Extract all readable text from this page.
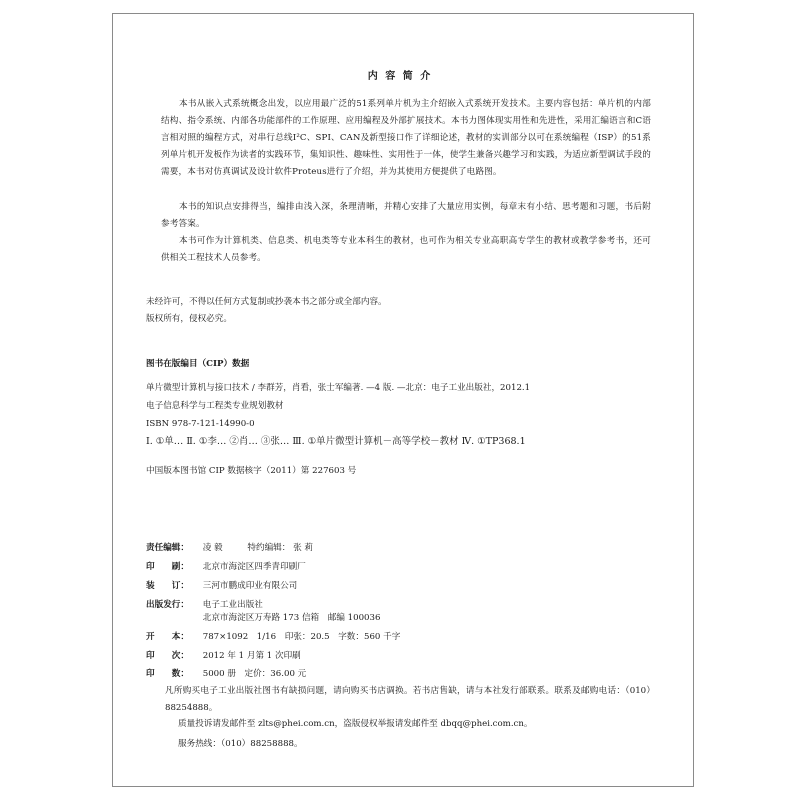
内 容 简 介
本书从嵌入式系统概念出发，以应用最广泛的51系列单片机为主介绍嵌入式系统开发技术。主要内容包括：单片机的内部结构、指令系统、内部各功能部件的工作原理、应用编程及外部扩展技术。本书力图体现实用性和先进性，采用汇编语言和C语言相对照的编程方式，对串行总线I²C、SPI、CAN及新型接口作了详细论述，教材的实训部分以可在系统编程（ISP）的51系列单片机开发板作为读者的实践环节，集知识性、趣味性、实用性于一体，使学生兼备兴趣学习和实践，为适应新型调试手段的需要，本书对仿真调试及设计软件Proteus进行了介绍，并为其使用方便提供了电路图。
本书的知识点安排得当，编排由浅入深，条理清晰，并精心安排了大量应用实例，每章末有小结、思考题和习题，书后附参考答案。
本书可作为计算机类、信息类、机电类等专业本科生的教材，也可作为相关专业高职高专学生的教材或教学参考书，还可供相关工程技术人员参考。
未经许可，不得以任何方式复制或抄袭本书之部分或全部内容。
版权所有，侵权必究。
图书在版编目（CIP）数据
单片微型计算机与接口技术 / 李群芳，肖看，张士军编著. —4 版. —北京：电子工业出版社，2012.1
电子信息科学与工程类专业规划教材
ISBN 978-7-121-14990-0
Ⅰ. ①单… Ⅱ. ①李… ②肖… ③张… Ⅲ. ①单片微型计算机－高等学校－教材 Ⅳ. ①TP368.1
中国版本图书馆 CIP 数据核字（2011）第 227603 号
责任编辑： 凌 毅	特约编辑： 张 莉
印　　刷： 北京市海淀区四季青印刷厂
装　　订： 三河市鹏成印业有限公司
出版发行： 电子工业出版社
北京市海淀区万寿路 173 信箱　邮编 100036
开　　本： 787×1092　1/16　印张：20.5　字数：560 千字
印　　次： 2012 年 1 月第 1 次印刷
印　　数： 5000 册　定价：36.00 元
凡所购买电子工业出版社图书有缺损问题，请向购买书店调换。若书店售缺，请与本社发行部联系。联系及邮购电话：（010）88254888。
质量投诉请发邮件至 zlts@phei.com.cn，盗版侵权举报请发邮件至 dbqq@phei.com.cn。
服务热线：（010）88258888。
